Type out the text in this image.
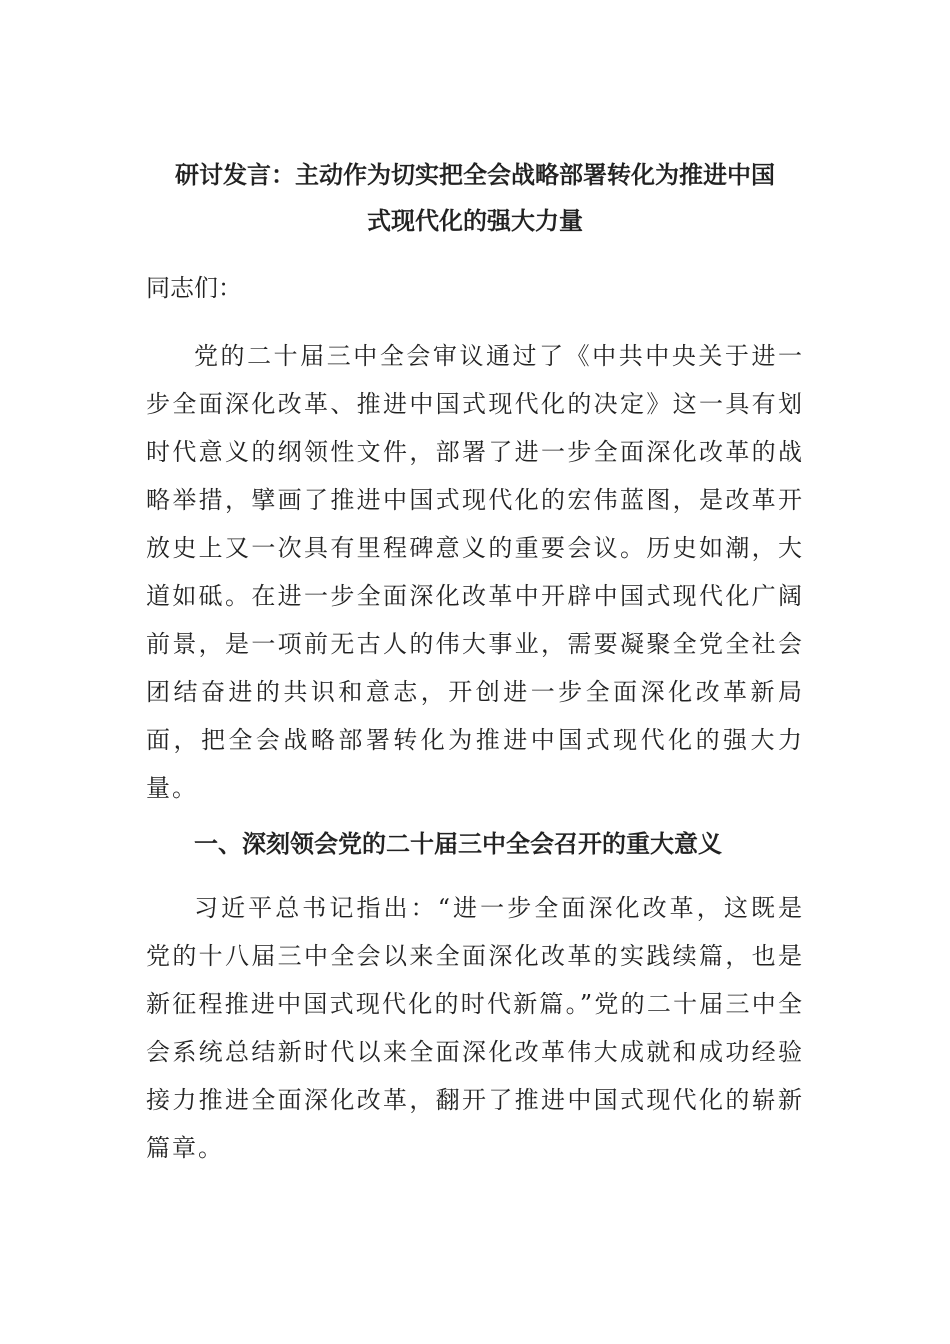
研讨发言：主动作为切实把全会战略部署转化为推进中国
式现代化的强大力量
同志们：

党的二十届三中全会审议通过了《中共中央关于进一步全面深化改革、推进中国式现代化的决定》这一具有划时代意义的纲领性文件，部署了进一步全面深化改革的战略举措，擘画了推进中国式现代化的宏伟蓝图，是改革开放史上又一次具有里程碑意义的重要会议。历史如潮，大道如砥。在进一步全面深化改革中开辟中国式现代化广阔前景，是一项前无古人的伟大事业，需要凝聚全党全社会团结奋进的共识和意志，开创进一步全面深化改革新局面，把全会战略部署转化为推进中国式现代化的强大力量。

一、深刻领会党的二十届三中全会召开的重大意义

习近平总书记指出：“进一步全面深化改革，这既是党的十八届三中全会以来全面深化改革的实践续篇，也是新征程推进中国式现代化的时代新篇。”党的二十届三中全会系统总结新时代以来全面深化改革伟大成就和成功经验接力推进全面深化改革，翻开了推进中国式现代化的崭新篇章。
